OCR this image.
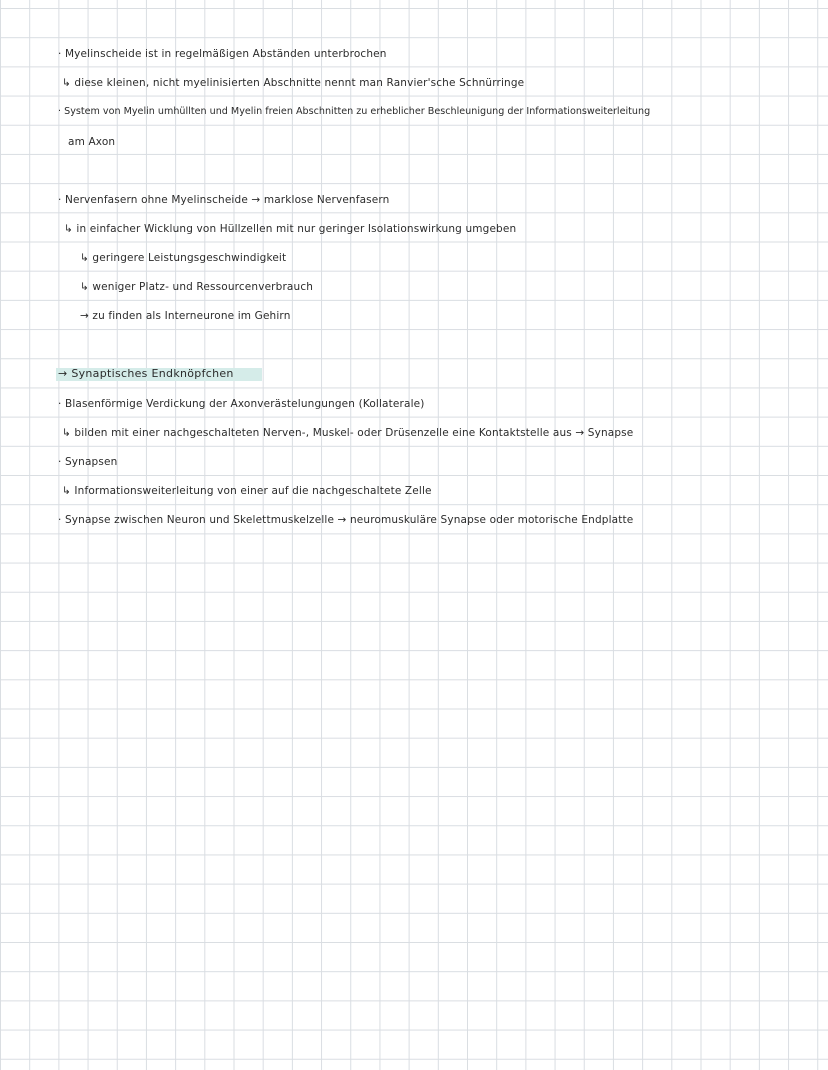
· Myelinscheide ist in regelmäßigen Abständen unterbrochen
↳ diese kleinen, nicht myelinisierten Abschnitte nennt man Ranvier'sche Schnürringe
· System von Myelin umhüllten und Myelin freien Abschnitten zu erheblicher Beschleunigung der Informationsweiterleitung
am Axon
· Nervenfasern ohne Myelinscheide → marklose Nervenfasern
↳ in einfacher Wicklung von Hüllzellen mit nur geringer Isolationswirkung umgeben
↳ geringere Leistungsgeschwindigkeit
↳ weniger Platz- und Ressourcenverbrauch
→ zu finden als Interneurone im Gehirn
→ Synaptisches Endknöpfchen
· Blasenförmige Verdickung der Axonverästelungungen (Kollaterale)
↳ bilden mit einer nachgeschalteten Nerven-, Muskel- oder Drüsenzelle eine Kontaktstelle aus → Synapse
· Synapsen
↳ Informationsweiterleitung von einer auf die nachgeschaltete Zelle
· Synapse zwischen Neuron und Skelettmuskelzelle → neuromuskuläre Synapse oder motorische Endplatte
